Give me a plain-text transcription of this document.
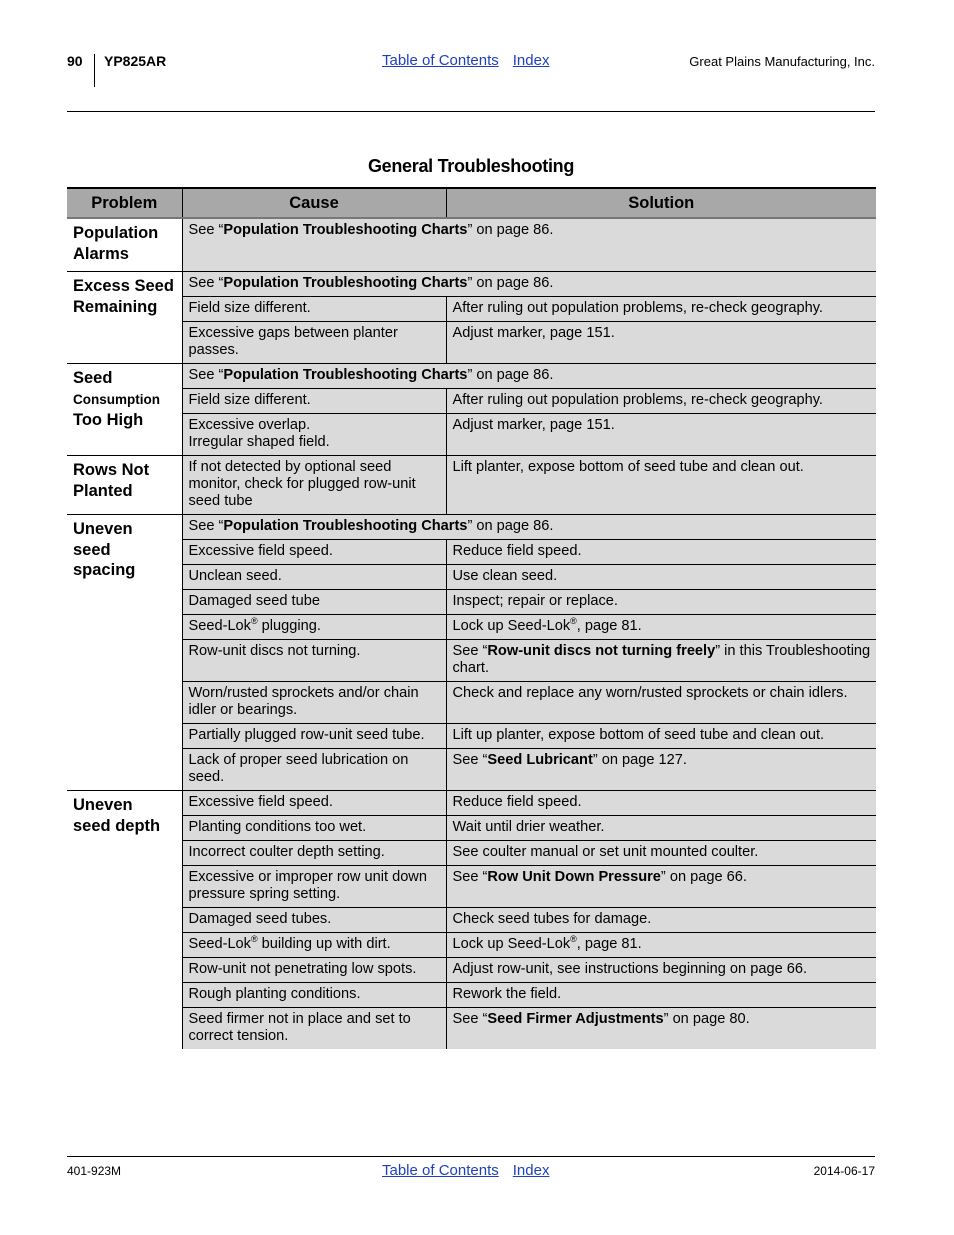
90 YP825AR	Table of Contents Index	Great Plains Manufacturing, Inc.
General Troubleshooting
Problem	Cause	Solution
Population
Alarms	See “Population Troubleshooting Charts” on page 86.	
Excess Seed
Remaining	See “Population Troubleshooting Charts” on page 86.	
	Field size different.	After ruling out population problems, re-check geography.
	Excessive gaps between planter passes.	Adjust marker, page 151.
Seed
Consumption
Too High	See “Population Troubleshooting Charts” on page 86.	
	Field size different.	After ruling out population problems, re-check geography.
	Excessive overlap.
Irregular shaped field.	Adjust marker, page 151.
Rows Not
Planted	If not detected by optional seed monitor, check for plugged row-unit seed tube	Lift planter, expose bottom of seed tube and clean out.
Uneven
seed
spacing	See “Population Troubleshooting Charts” on page 86.	
	Excessive field speed.	Reduce field speed.
	Unclean seed.	Use clean seed.
	Damaged seed tube	Inspect; repair or replace.
	Seed-Lok® plugging.	Lock up Seed-Lok®, page 81.
	Row-unit discs not turning.	See “Row-unit discs not turning freely” in this Troubleshooting chart.
	Worn/rusted sprockets and/or chain idler or bearings.	Check and replace any worn/rusted sprockets or chain idlers.
	Partially plugged row-unit seed tube.	Lift up planter, expose bottom of seed tube and clean out.
	Lack of proper seed lubrication on seed.	See “Seed Lubricant” on page 127.
Uneven
seed depth	Excessive field speed.	Reduce field speed.
	Planting conditions too wet.	Wait until drier weather.
	Incorrect coulter depth setting.	See coulter manual or set unit mounted coulter.
	Excessive or improper row unit down pressure spring setting.	See “Row Unit Down Pressure” on page 66.
	Damaged seed tubes.	Check seed tubes for damage.
	Seed-Lok® building up with dirt.	Lock up Seed-Lok®, page 81.
	Row-unit not penetrating low spots.	Adjust row-unit, see instructions beginning on page 66.
	Rough planting conditions.	Rework the field.
	Seed firmer not in place and set to correct tension.	See “Seed Firmer Adjustments” on page 80.
401-923M	Table of Contents Index	2014-06-17
